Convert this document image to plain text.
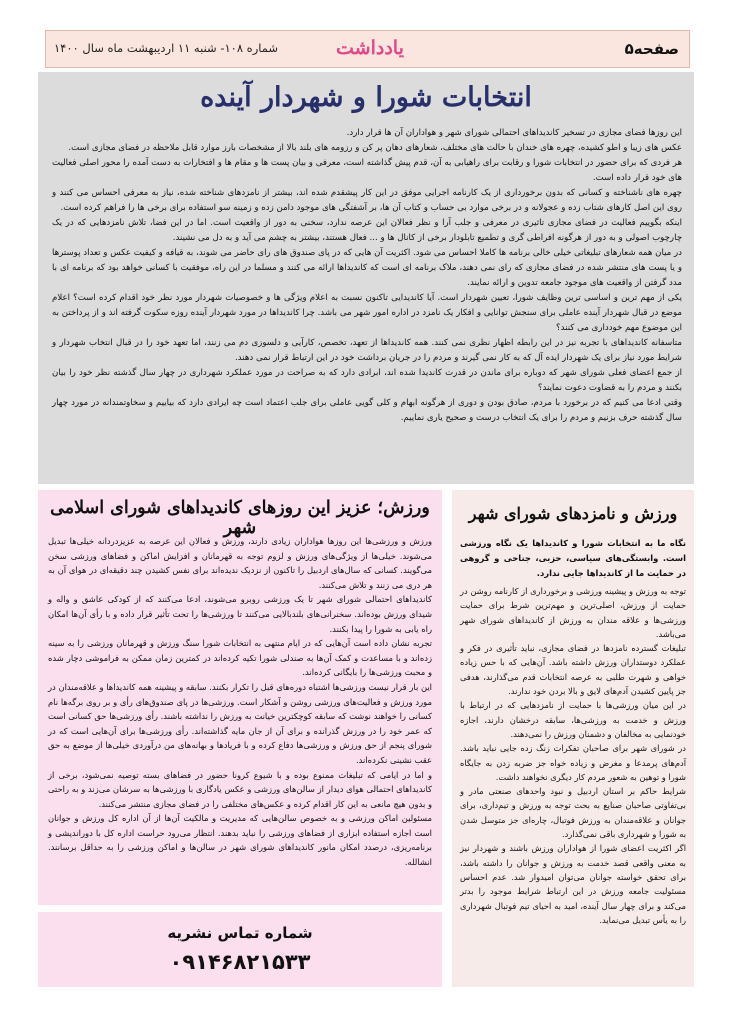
صفحه۵
یادداشت
شماره ۱۰۸- شنبه ۱۱ اردیبهشت ماه سال ۱۴۰۰
انتخابات شورا و شهردار آینده

این روزها فضای مجازی در تسخیر کاندیداهای احتمالی شورای شهر و هواداران آن ها قرار دارد.

عکس های زیبا و اطو کشیده، چهره های خندان با حالت های مختلف، شعارهای دهان پر کن و رزومه های بلند بالا از مشخصات بارز موارد قابل ملاحظه در فضای مجازی است.

هر فردی که برای حضور در انتخابات شورا و رقابت برای راهیابی به آن، قدم پیش گذاشته است، معرفی و بیان پست ها و مقام ها و افتخارات به دست آمده را محور اصلی فعالیت های خود قرار داده است.

چهره های ناشناخته و کسانی که بدون برخورداری از یک کارنامه اجرایی موفق در این کار پیشقدم شده اند، بیشتر از نامزدهای شناخته شده، نیاز به معرفی احساس می کنند و روی این اصل کارهای شتاب زده و عجولانه و در برخی موارد بی حساب و کتاب آن ها، بر آشفتگی های موجود دامن زده و زمینه سو استفاده برای برخی ها را فراهم کرده است.

اینکه بگوییم فعالیت در فضای مجازی تاثیری در معرفی و جلب آرا و نظر فعالان این عرصه ندارد، سخنی به دور از واقعیت است. اما در این فضا، تلاش نامزدهایی که در یک چارچوب اصولی و به دور از هرگونه افراطی گری و تطمیع تابلودار برخی از کانال ها و ... فعال هستند، بیشتر به چشم می آید و به دل می نشیند.

در میان همه شعارهای تبلیغاتی خیلی خالی برنامه ها کاملا احساس می شود. اکثریت آن هایی که در پای صندوق های رای حاضر می شوند، به قیافه و کیفیت عکس و تعداد پوسترها و یا پست های منتشر شده در فضای مجازی که رای نمی دهند، ملاک برنامه ای است که کاندیداها ارائه می کنند و مسلما در این راه، موفقیت با کسانی خواهد بود که برنامه ای با مدد گرفتن از واقعیت های موجود جامعه تدوین و ارائه نمایند.

یکی از مهم ترین و اساسی ترین وظایف شورا، تعیین شهردار است. آیا کاندیدایی تاکنون نسبت به اعلام ویژگی ها و خصوصیات شهردار مورد نظر خود اقدام کرده است؟ اعلام موضع در قبال شهردار آینده عاملی برای سنجش توانایی و افکار یک نامزد در اداره امور شهر می باشد. چرا کاندیداها در مورد شهردار آینده روزه سکوت گرفته اند و از پرداختن به این موضوع مهم خودداری می کنند؟

متاسفانه کاندیداهای با تجربه نیز در این رابطه اظهار نظری نمی کنند. همه کاندیداها از تعهد، تخصص، کارآیی و دلسوزی دم می زنند، اما تعهد خود را در قبال انتخاب شهردار و شرایط مورد نیاز برای یک شهردار ایده آل که به کار نمی گیرند و مردم را در جریان برداشت خود در این ارتباط قرار نمی دهند.

از جمع اعضای فعلی شورای شهر که دوباره برای ماندن در قدرت کاندیدا شده اند، ابرادی دارد که به صراحت در مورد عملکرد شهرداری در چهار سال گذشته نظر خود را بیان بکنند و مردم را به قضاوت دعوت نمایند؟

وقتی ادعا می کنیم که در برخورد با مردم، صادق بودن و دوری از هرگونه ابهام و کلی گویی عاملی برای جلب اعتماد است چه ایرادی دارد که بیاییم و سخاوتمندانه در مورد چهار سال گذشته حرف بزنیم و مردم را برای یک انتخاب درست و صحیح یاری نماییم.

ورزش؛ عزیز این روزهای کاندیداهای شورای اسلامی شهر

ورزش و ورزشی‌ها این روزها هواداران زیادی دارند، ورزش و فعالان این عرصه به عزیزدردانه خیلی‌ها تبدیل می‌شوند. خیلی‌ها از ویژگی‌های ورزش و لزوم توجه به قهرمانان و افزایش اماکن و فضاهای ورزشی سخن می‌گویند. کسانی که سال‌های اردبیل را تاکنون از نزدیک ندیده‌اند برای نفس کشیدن چند دقیقه‌ای در هوای آن به هر دری می زنند و تلاش می‌کنند.

کاندیداهای احتمالی شورای شهر تا یک ورزشی روبرو می‌شوند، ادعا می‌کنند که از کودکی عاشق و واله و شیدای ورزش بوده‌اند. سخنرانی‌های بلندبالایی می‌کنند تا ورزشی‌ها را تحت تأثیر قرار داده و با رأی آن‌ها امکان راه یابی به شورا را پیدا بکنند.

تجربه نشان داده است آن‌هایی که در ایام منتهی به انتخابات شورا سنگ ورزش و قهرمانان ورزشی را به سینه زده‌اند و با مساعدت و کمک آن‌ها به صندلی شورا تکیه کرده‌اند در کمترین زمان ممکن به فراموشی دچار شده و محبت ورزشی‌ها را بایگانی کرده‌اند.

این بار قرار نیست ورزشی‌ها اشتباه دوره‌های قبل را تکرار بکنند. سابقه و پیشینه همه کاندیداها و علاقه‌مندان در مورد ورزش و فعالیت‌های ورزشی روشن و آشکار است. ورزشی‌ها در پای صندوق‌های رأی و بر روی برگه‌ها نام کسانی را خواهند نوشت که سابقه کوچکترین خیانت به ورزش را نداشته باشند. رأی ورزشی‌ها حق کسانی است که عمر خود را در ورزش گذرانده و برای آن از جان مایه گذاشته‌اند. رأی ورزشی‌ها برای آن‌هایی است که در شورای پنجم از حق ورزش و ورزشی‌ها دفاع کرده و با فریادها و بهانه‌های من درآوردی خیلی‌ها از موضع به حق عقب نشینی نکرده‌اند.

و اما در ایامی که تبلیغات ممنوع بوده و با شیوع کرونا حضور در فضاهای بسته توصیه نمی‌شود، برخی از کاندیداهای احتمالی هوای دیدار از سالن‌های ورزشی و عکس یادگاری با ورزشی‌ها به سرشان می‌زند و به راحتی و بدون هیچ مانعی به این کار اقدام کرده و عکس‌های مختلفی را در فضای مجازی منتشر می‌کنند.

مسئولین اماکن ورزشی و به خصوص سالن‌هایی که مدیریت و مالکیت آن‌ها از آن اداره کل ورزش و جوانان است اجازه استفاده ابزاری از فضاهای ورزشی را نباید بدهند. انتظار می‌رود حراست اداره کل با دوراندیشی و برنامه‌ریزی، درصدد امکان مانور کاندیداهای شورای شهر در سالن‌ها و اماکن ورزشی را به حداقل برسانند. انشالله.

شماره تماس نشریه
۰۹۱۴۶۸۲۱۵۳۳
ورزش و نامزدهای شورای شهر
نگاه ما به انتخابات شورا و کاندیداها یک نگاه ورزشی است. وابستگی‌های سیاسی، حزبی، جناحی و گروهی در حمایت ما از کاندیداها جایی ندارد.

توجه به ورزش و پیشینه ورزشی و برخورداری از کارنامه روشن در حمایت از ورزش، اصلی‌ترین و مهم‌ترین شرط برای حمایت ورزشی‌ها و علاقه مندان به ورزش از کاندیداهای شورای شهر می‌باشد.

تبلیغات گسترده نامزدها در فضای مجازی، نباید تأثیری در فکر و عملکرد دوستداران ورزش داشته باشد. آن‌هایی که با حس زیاده خواهی و شهرت طلبی به عرصه انتخابات قدم می‌گذارند، هدفی جز پایین کشیدن آدم‌های لایق و بالا بردن خود ندارند.

در این میان ورزشی‌ها با حمایت از نامزدهایی که در ارتباط با ورزش و خدمت به ورزشی‌ها، سابقه درخشان دارند، اجازه خودنمایی به مخالفان و دشمنان ورزش را نمی‌دهند.

در شورای شهر برای صاحبان تفکرات زنگ زده جایی نباید باشد. آدم‌های پرمدعا و مغرض و زیاده خواه جز ضربه زدن به جایگاه شورا و توهین به شعور مردم کار دیگری نخواهند داشت.

شرایط حاکم بر استان اردبیل و نبود واحدهای صنعتی مادر و بی‌تفاوتی صاحبان صنایع به بحث توجه به ورزش و تیم‌داری، برای جوانان و علاقه‌مندان به ورزش فوتبال، چاره‌ای جز متوسل شدن به شورا و شهرداری باقی نمی‌گذارد.

اگر اکثریت اعضای شورا از هواداران ورزش باشند و شهردار نیز به معنی واقعی قصد خدمت به ورزش و جوانان را داشته باشد، برای تحقق خواسته جوانان می‌توان امیدوار شد. عدم احساس مسئولیت جامعه ورزش در این ارتباط شرایط موجود را بدتر می‌کند و برای چهار سال آینده، امید به احیای تیم فوتبال شهرداری را به یأس تبدیل می‌نماید.
